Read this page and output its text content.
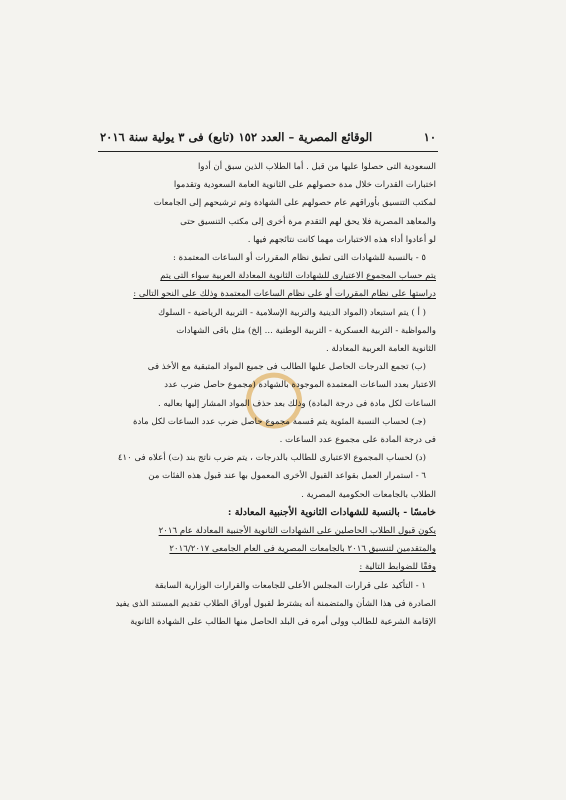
١٠
الوقائع المصرية – العدد ١٥٢ (تابع) فى ٣ يولية سنة ٢٠١٦
السعودية التى حصلوا عليها من قبل . أما الطلاب الذين سبق أن أدوا
اختبارات القدرات خلال مدة حصولهم على الثانوية العامة السعودية وتقدموا
لمكتب التنسيق بأوراقهم عام حصولهم على الشهادة وتم ترشيحهم إلى الجامعات
والمعاهد المصرية فلا يحق لهم التقدم مرة أخرى إلى مكتب التنسيق حتى
لو أعادوا أداء هذه الاختبارات مهما كانت نتائجهم فيها .
٥ - بالنسبة للشهادات التى تطبق نظام المقررات أو الساعات المعتمدة :
يتم حساب المجموع الاعتبارى للشهادات الثانوية المعادلة العربية سواء التى يتم
دراستها على نظام المقررات أو على نظام الساعات المعتمدة وذلك على النحو التالى :
( أ ) يتم استبعاد (المواد الدينية والتربية الإسلامية - التربية الرياضية - السلوك
والمواظبة - التربية العسكرية - التربية الوطنية ... إلخ) مثل باقى الشهادات
الثانوية العامة العربية المعادلة .
(ب) تجمع الدرجات الحاصل عليها الطالب فى جميع المواد المتبقية مع الأخذ فى
الاعتبار بعدد الساعات المعتمدة الموجودة بالشهادة (مجموع حاصل ضرب عدد
الساعات لكل مادة فى درجة المادة) وذلك بعد حذف المواد المشار إليها بعاليه .
(جـ) لحساب النسبة المئوية يتم قسمة مجموع حاصل ضرب عدد الساعات لكل مادة
فى درجة المادة على مجموع عدد الساعات .
(د) لحساب المجموع الاعتبارى للطالب بالدرجات ، يتم ضرب ناتج بند (ت) أعلاه فى ٤١٠
٦ - استمرار العمل بقواعد القبول الأخرى المعمول بها عند قبول هذه الفئات من
الطلاب بالجامعات الحكومية المصرية .
خامسًا - بالنسبة للشهادات الثانوية الأجنبية المعادلة :
يكون قبول الطلاب الحاصلين على الشهادات الثانوية الأجنبية المعادلة عام ٢٠١٦
والمتقدمين لتنسيق ٢٠١٦ بالجامعات المصرية فى العام الجامعى ٢٠١٦/٢٠١٧
وفقًا للضوابط التالية :
١ - التأكيد على قرارات المجلس الأعلى للجامعات والقرارات الوزارية السابقة
الصادرة فى هذا الشأن والمتضمنة أنه يشترط لقبول أوراق الطلاب تقديم المستند الذى يفيد
الإقامة الشرعية للطالب وولى أمره فى البلد الحاصل منها الطالب على الشهادة الثانوية
